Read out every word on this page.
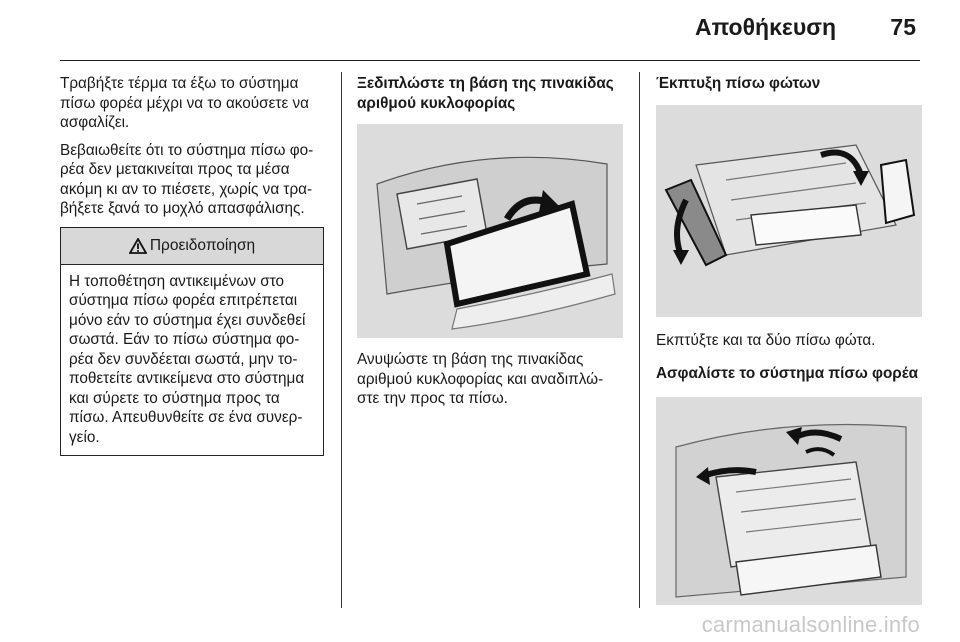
Αποθήκευση 75

Τραβήξτε τέρμα τα έξω το σύστημα πίσω φορέα μέχρι να το ακούσετε να ασφαλίζει.

Βεβαιωθείτε ότι το σύστημα πίσω φο- ρέα δεν μετακινείται προς τα μέσα ακόμη κι αν το πιέσετε, χωρίς να τρα- βήξετε ξανά το μοχλό απασφάλισης.

Προειδοποίηση
Η τοποθέτηση αντικειμένων στο σύστημα πίσω φορέα επιτρέπεται μόνο εάν το σύστημα έχει συνδεθεί σωστά. Εάν το πίσω σύστημα φο- ρέα δεν συνδέεται σωστά, μην το- ποθετείτε αντικείμενα στο σύστημα και σύρετε το σύστημα προς τα πίσω. Απευθυνθείτε σε ένα συνερ- γείο.

Ξεδιπλώστε τη βάση της πινακίδας αριθμού κυκλοφορίας

Ανυψώστε τη βάση της πινακίδας αριθμού κυκλοφορίας και αναδιπλώ- στε την προς τα πίσω.

Έκπτυξη πίσω φώτων

Εκπτύξτε και τα δύο πίσω φώτα.

Ασφαλίστε το σύστημα πίσω φορέα

carmanualsonline.info
